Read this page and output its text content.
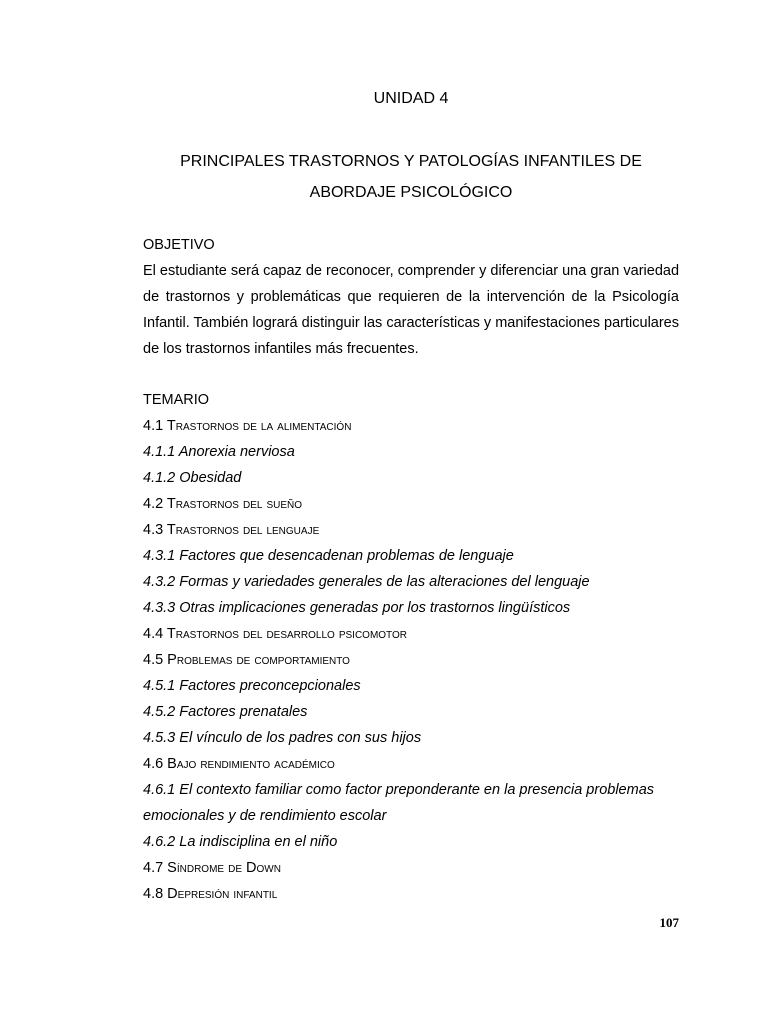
UNIDAD 4
PRINCIPALES TRASTORNOS Y PATOLOGÍAS INFANTILES DE ABORDAJE PSICOLÓGICO
OBJETIVO
El estudiante será capaz de reconocer, comprender y diferenciar una gran variedad de trastornos y problemáticas que requieren de la intervención de la Psicología Infantil. También logrará distinguir las características y manifestaciones particulares de los trastornos infantiles más frecuentes.
TEMARIO
4.1 Trastornos de la alimentación
4.1.1 Anorexia nerviosa
4.1.2 Obesidad
4.2 Trastornos del sueño
4.3 Trastornos del lenguaje
4.3.1 Factores que desencadenan problemas de lenguaje
4.3.2 Formas y variedades generales de las alteraciones del lenguaje
4.3.3 Otras implicaciones generadas por los trastornos lingüísticos
4.4 Trastornos del desarrollo psicomotor
4.5 Problemas de comportamiento
4.5.1 Factores preconcepcionales
4.5.2 Factores prenatales
4.5.3 El vínculo de los padres con sus hijos
4.6 Bajo rendimiento académico
4.6.1 El contexto familiar como factor preponderante en la presencia problemas emocionales y de rendimiento escolar
4.6.2 La indisciplina en el niño
4.7 Síndrome de Down
4.8 Depresión infantil
107
